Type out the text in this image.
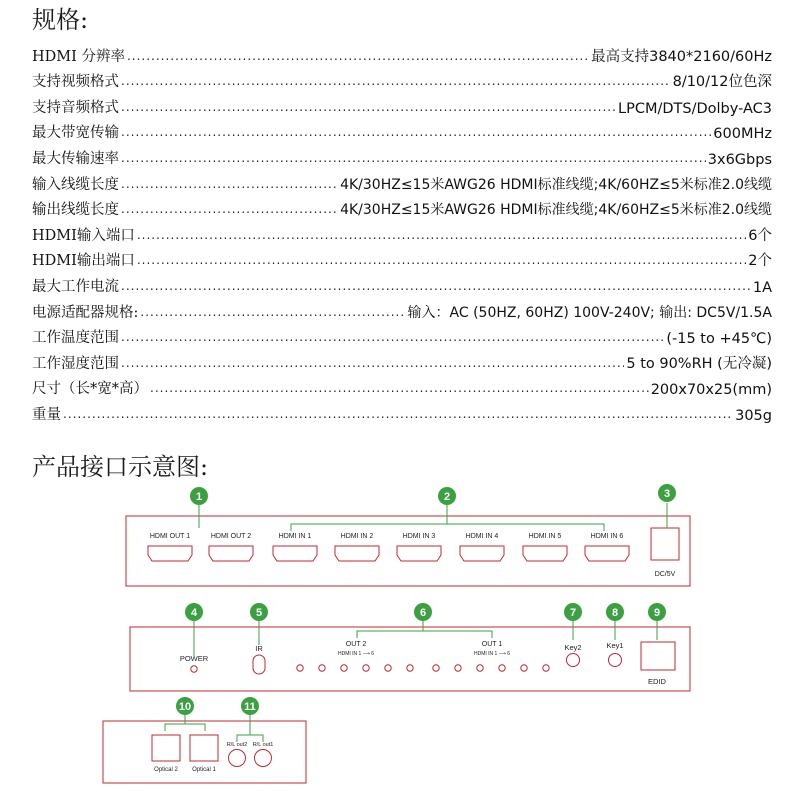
规格:
HDMI 分辨率 .....	最高支持3840*2160/60Hz
支持视频格式 .....	8/10/12位色深
支持音频格式 .....	LPCM/DTS/Dolby-AC3
最大带宽传输 .....	600MHz
最大传输速率 .....	3x6Gbps
输入线缆长度 .....	4K/30HZ≤15米AWG26 HDMI标准线缆;4K/60HZ≤5米标准2.0线缆
输出线缆长度 .....	4K/30HZ≤15米AWG26 HDMI标准线缆;4K/60HZ≤5米标准2.0线缆
HDMI输入端口 .....	6个
HDMI输出端口 .....	2个
最大工作电流 .....	1A
电源适配器规格: .....	输入：AC (50HZ, 60HZ) 100V-240V; 输出: DC5V/1.5A
工作温度范围 .....	(-15 to +45℃)
工作湿度范围 .....	5 to 90%RH (无冷凝)
尺寸（长*宽*高） .....	200x70x25(mm)
重量 .....	305g
产品接口示意图:
HDMI OUT 1	HDMI OUT 2	HDMI IN 1	HDMI IN 2	HDMI IN 3	HDMI IN 4	HDMI IN 5	HDMI IN 6
DC/5V
POWER
IR	OUT 2
HDMI IN 1 ⟶ 6
OUT 1
HDMI IN 1 ⟶ 6
Key2	Key1
EDID
Optical 2 Optical 1
R/L out2 R/L out1
1	2	3
4	5	6	7	8	9
10	11
